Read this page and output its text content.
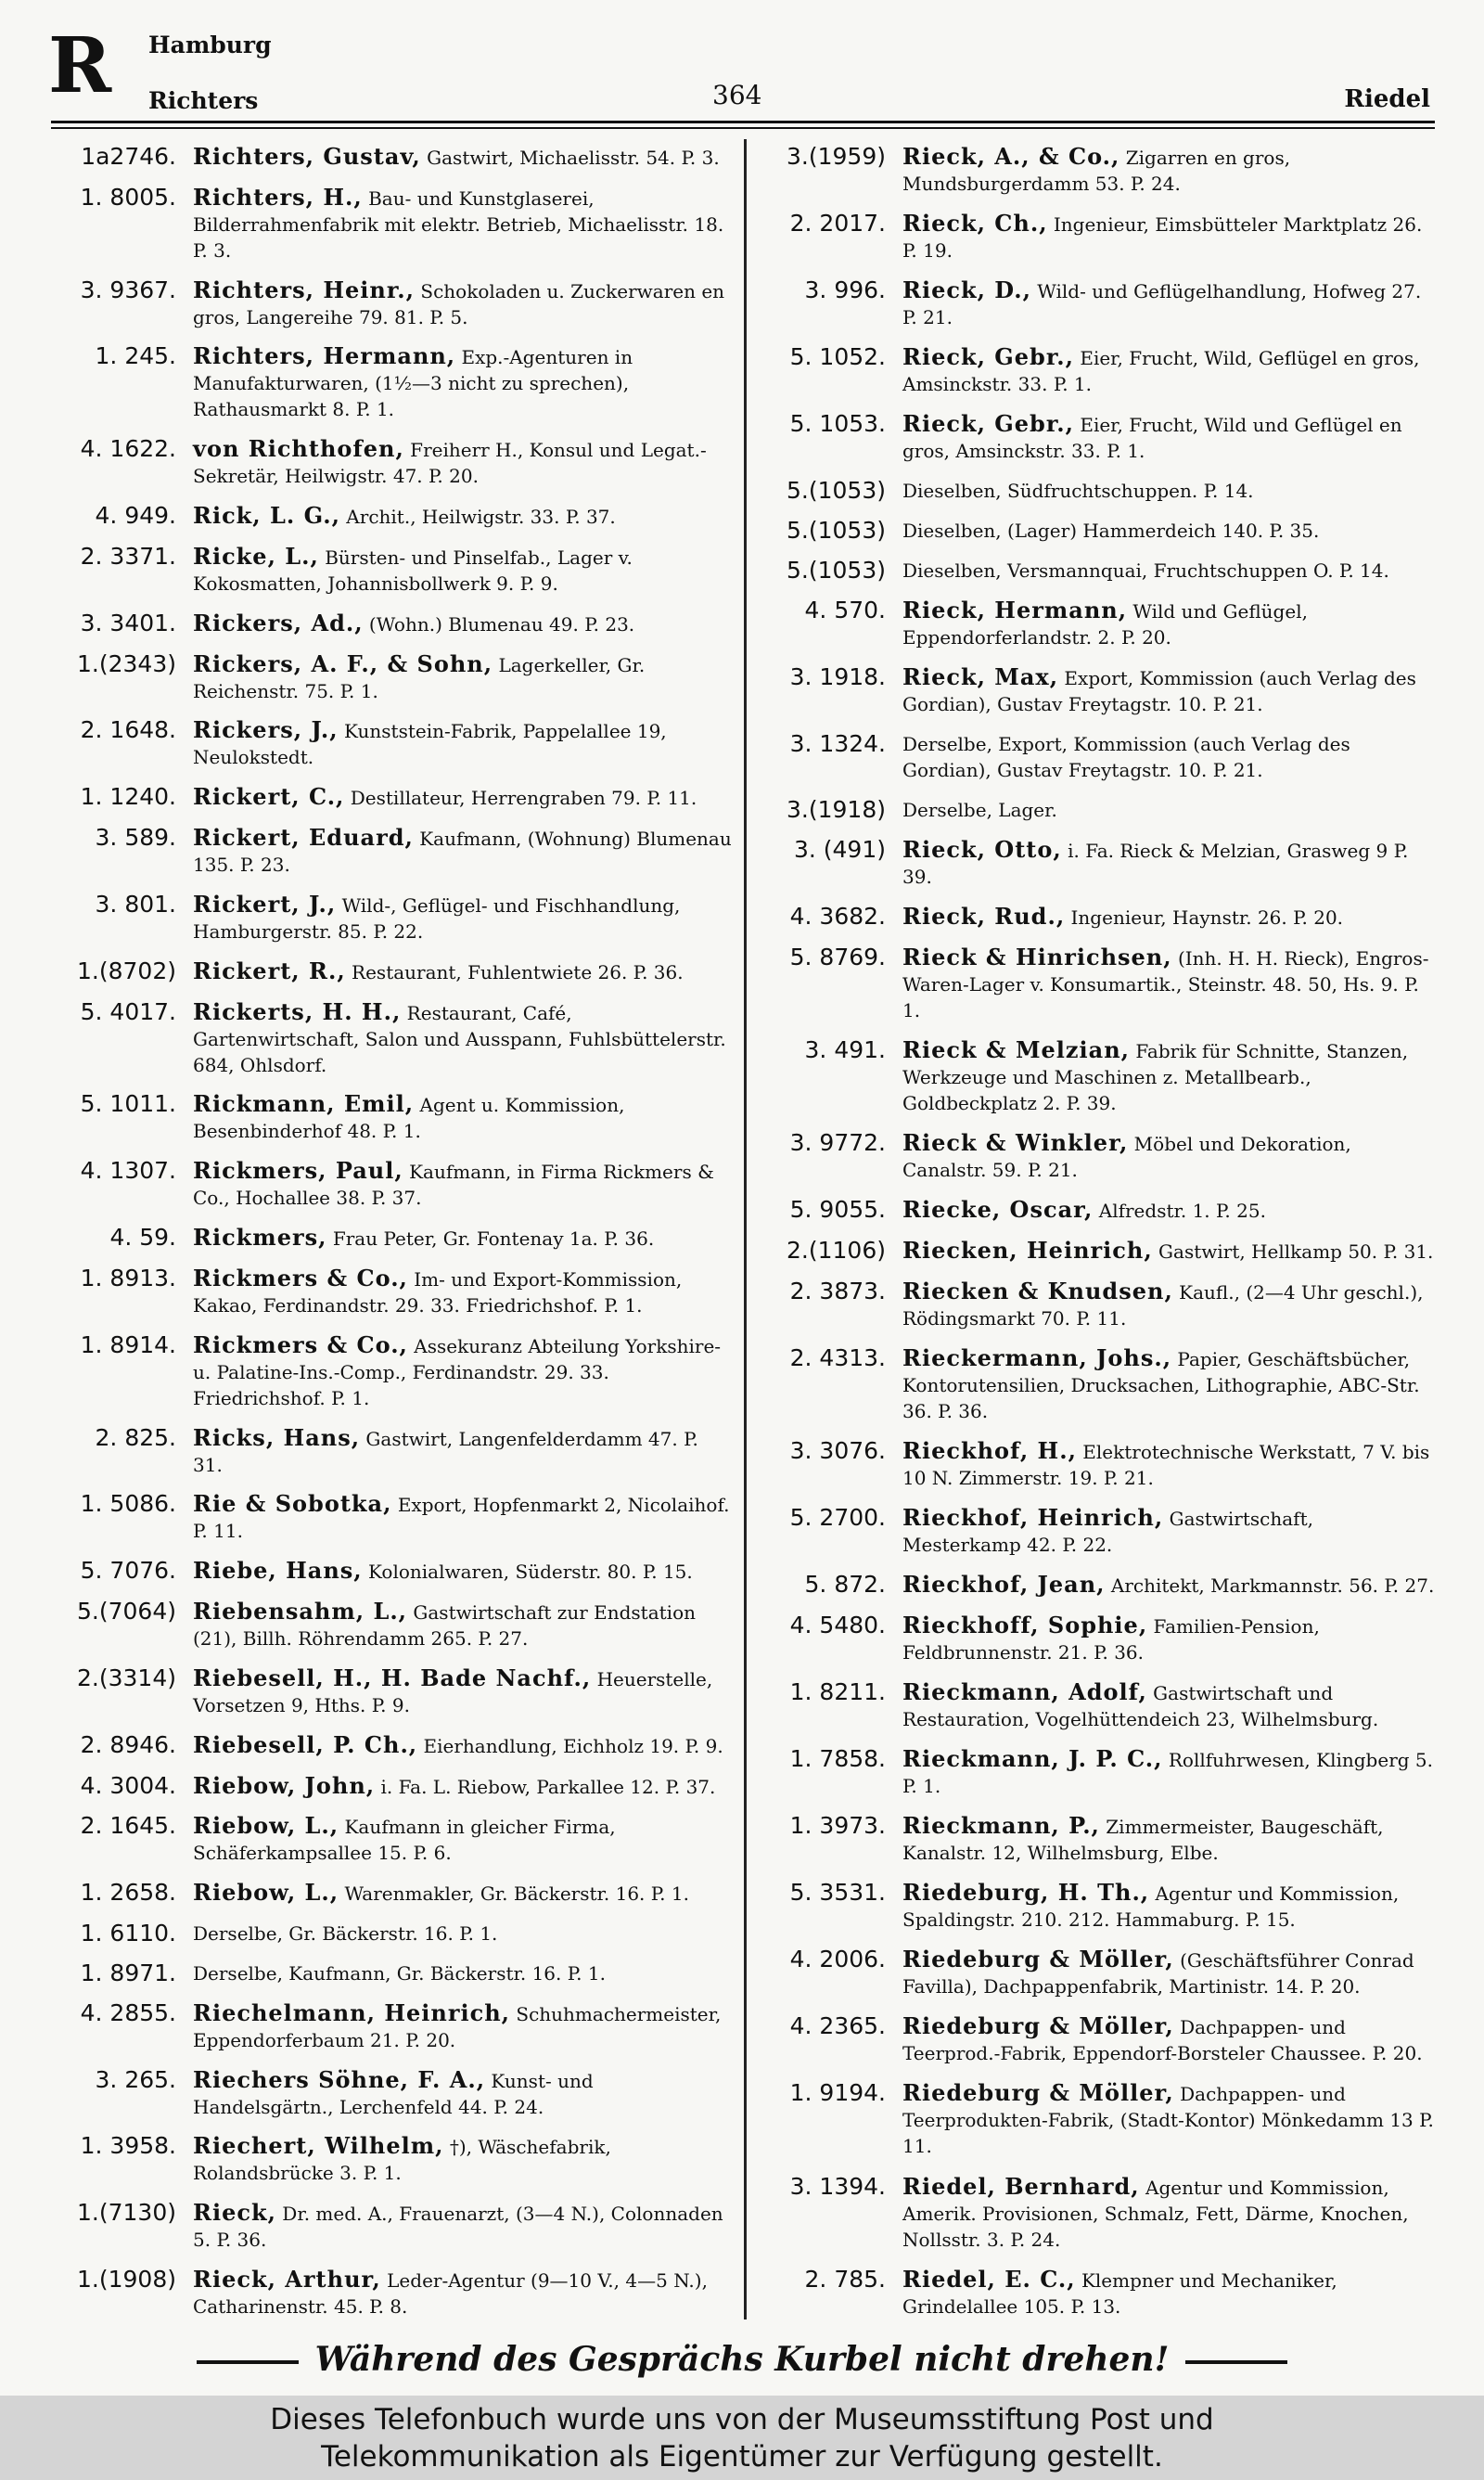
R Hamburg
Richters	364	Riedel
1a2746. Richters, Gustav, Gastwirt, Michaelisstr. 54. P. 3.
1. 8005. Richters, H., Bau- und Kunstglaserei, Bilderrahmenfabrik mit elektr. Betrieb, Michaelisstr. 18. P. 3.
3. 9367. Richters, Heinr., Schokoladen u. Zuckerwaren en gros, Langereihe 79. 81. P. 5.
1. 245. Richters, Hermann, Exp.-Agenturen in Manufakturwaren, (1½—3 nicht zu sprechen), Rathausmarkt 8. P. 1.
4. 1622. von Richthofen, Freiherr H., Konsul und Legat.-Sekretär, Heilwigstr. 47. P. 20.
4. 949. Rick, L. G., Archit., Heilwigstr. 33. P. 37.
2. 3371. Ricke, L., Bürsten- und Pinselfab., Lager v. Kokosmatten, Johannisbollwerk 9. P. 9.
3. 3401. Rickers, Ad., (Wohn.) Blumenau 49. P. 23.
1.(2343) Rickers, A. F., & Sohn, Lagerkeller, Gr. Reichenstr. 75. P. 1.
2. 1648. Rickers, J., Kunststein-Fabrik, Pappelallee 19, Neulokstedt.
1. 1240. Rickert, C., Destillateur, Herrengraben 79. P. 11.
3. 589. Rickert, Eduard, Kaufmann, (Wohnung) Blumenau 135. P. 23.
3. 801. Rickert, J., Wild-, Geflügel- und Fischhandlung, Hamburgerstr. 85. P. 22.
1.(8702) Rickert, R., Restaurant, Fuhlentwiete 26. P. 36.
5. 4017. Rickerts, H. H., Restaurant, Café, Gartenwirtschaft, Salon und Ausspann, Fuhlsbüttelerstr. 684, Ohlsdorf.
5. 1011. Rickmann, Emil, Agent u. Kommission, Besenbinderhof 48. P. 1.
4. 1307. Rickmers, Paul, Kaufmann, in Firma Rickmers & Co., Hochallee 38. P. 37.
4. 59. Rickmers, Frau Peter, Gr. Fontenay 1a. P. 36.
1. 8913. Rickmers & Co., Im- und Export-Kommission, Kakao, Ferdinandstr. 29. 33. Friedrichshof. P. 1.
1. 8914. Rickmers & Co., Assekuranz Abteilung Yorkshire- u. Palatine-Ins.-Comp., Ferdinandstr. 29. 33. Friedrichshof. P. 1.
2. 825. Ricks, Hans, Gastwirt, Langenfelderdamm 47. P. 31.
1. 5086. Rie & Sobotka, Export, Hopfenmarkt 2, Nicolaihof. P. 11.
5. 7076. Riebe, Hans, Kolonialwaren, Süderstr. 80. P. 15.
5.(7064) Riebensahm, L., Gastwirtschaft zur Endstation (21), Billh. Röhrendamm 265. P. 27.
2.(3314) Riebesell, H., H. Bade Nachf., Heuerstelle, Vorsetzen 9, Hths. P. 9.
2. 8946. Riebesell, P. Ch., Eierhandlung, Eichholz 19. P. 9.
4. 3004. Riebow, John, i. Fa. L. Riebow, Parkallee 12. P. 37.
2. 1645. Riebow, L., Kaufmann in gleicher Firma, Schäferkampsallee 15. P. 6.
1. 2658. Riebow, L., Warenmakler, Gr. Bäckerstr. 16. P. 1.
1. 6110. Derselbe, Gr. Bäckerstr. 16. P. 1.
1. 8971. Derselbe, Kaufmann, Gr. Bäckerstr. 16. P. 1.
4. 2855. Riechelmann, Heinrich, Schuhmachermeister, Eppendorferbaum 21. P. 20.
3. 265. Riechers Söhne, F. A., Kunst- und Handelsgärtn., Lerchenfeld 44. P. 24.
1. 3958. Riechert, Wilhelm, †), Wäschefabrik, Rolandsbrücke 3. P. 1.
1.(7130) Rieck, Dr. med. A., Frauenarzt, (3—4 N.), Colonnaden 5. P. 36.
1.(1908) Rieck, Arthur, Leder-Agentur (9—10 V., 4—5 N.), Catharinenstr. 45. P. 8.
3.(1959) Rieck, A., & Co., Zigarren en gros, Mundsburgerdamm 53. P. 24.
2. 2017. Rieck, Ch., Ingenieur, Eimsbütteler Marktplatz 26. P. 19.
3. 996. Rieck, D., Wild- und Geflügelhandlung, Hofweg 27. P. 21.
5. 1052. Rieck, Gebr., Eier, Frucht, Wild, Geflügel en gros, Amsinckstr. 33. P. 1.
5. 1053. Rieck, Gebr., Eier, Frucht, Wild und Geflügel en gros, Amsinckstr. 33. P. 1.
5.(1053) Dieselben, Südfruchtschuppen. P. 14.
5.(1053) Dieselben, (Lager) Hammerdeich 140. P. 35.
5.(1053) Dieselben, Versmannquai, Fruchtschuppen O. P. 14.
4. 570. Rieck, Hermann, Wild und Geflügel, Eppendorferlandstr. 2. P. 20.
3. 1918. Rieck, Max, Export, Kommission (auch Verlag des Gordian), Gustav Freytagstr. 10. P. 21.
3. 1324. Derselbe, Export, Kommission (auch Verlag des Gordian), Gustav Freytagstr. 10. P. 21.
3.(1918) Derselbe, Lager.
3. (491) Rieck, Otto, i. Fa. Rieck & Melzian, Grasweg 9 P. 39.
4. 3682. Rieck, Rud., Ingenieur, Haynstr. 26. P. 20.
5. 8769. Rieck & Hinrichsen, (Inh. H. H. Rieck), Engros-Waren-Lager v. Konsumartik., Steinstr. 48. 50, Hs. 9. P. 1.
3. 491. Rieck & Melzian, Fabrik für Schnitte, Stanzen, Werkzeuge und Maschinen z. Metallbearb., Goldbeckplatz 2. P. 39.
3. 9772. Rieck & Winkler, Möbel und Dekoration, Canalstr. 59. P. 21.
5. 9055. Riecke, Oscar, Alfredstr. 1. P. 25.
2.(1106) Riecken, Heinrich, Gastwirt, Hellkamp 50. P. 31.
2. 3873. Riecken & Knudsen, Kaufl., (2—4 Uhr geschl.), Rödingsmarkt 70. P. 11.
2. 4313. Rieckermann, Johs., Papier, Geschäftsbücher, Kontorutensilien, Drucksachen, Lithographie, ABC-Str. 36. P. 36.
3. 3076. Rieckhof, H., Elektrotechnische Werkstatt, 7 V. bis 10 N. Zimmerstr. 19. P. 21.
5. 2700. Rieckhof, Heinrich, Gastwirtschaft, Mesterkamp 42. P. 22.
5. 872. Rieckhof, Jean, Architekt, Markmannstr. 56. P. 27.
4. 5480. Rieckhoff, Sophie, Familien-Pension, Feldbrunnenstr. 21. P. 36.
1. 8211. Rieckmann, Adolf, Gastwirtschaft und Restauration, Vogelhüttendeich 23, Wilhelmsburg.
1. 7858. Rieckmann, J. P. C., Rollfuhrwesen, Klingberg 5. P. 1.
1. 3973. Rieckmann, P., Zimmermeister, Baugeschäft, Kanalstr. 12, Wilhelmsburg, Elbe.
5. 3531. Riedeburg, H. Th., Agentur und Kommission, Spaldingstr. 210. 212. Hammaburg. P. 15.
4. 2006. Riedeburg & Möller, (Geschäftsführer Conrad Favilla), Dachpappenfabrik, Martinistr. 14. P. 20.
4. 2365. Riedeburg & Möller, Dachpappen- und Teerprod.-Fabrik, Eppendorf-Borsteler Chaussee. P. 20.
1. 9194. Riedeburg & Möller, Dachpappen- und Teerprodukten-Fabrik, (Stadt-Kontor) Mönkedamm 13 P. 11.
3. 1394. Riedel, Bernhard, Agentur und Kommission, Amerik. Provisionen, Schmalz, Fett, Därme, Knochen, Nollsstr. 3. P. 24.
2. 785. Riedel, E. C., Klempner und Mechaniker, Grindelallee 105. P. 13.
Während des Gesprächs Kurbel nicht drehen!
Dieses Telefonbuch wurde uns von der Museumsstiftung Post und
Telekommunikation als Eigentümer zur Verfügung gestellt.
